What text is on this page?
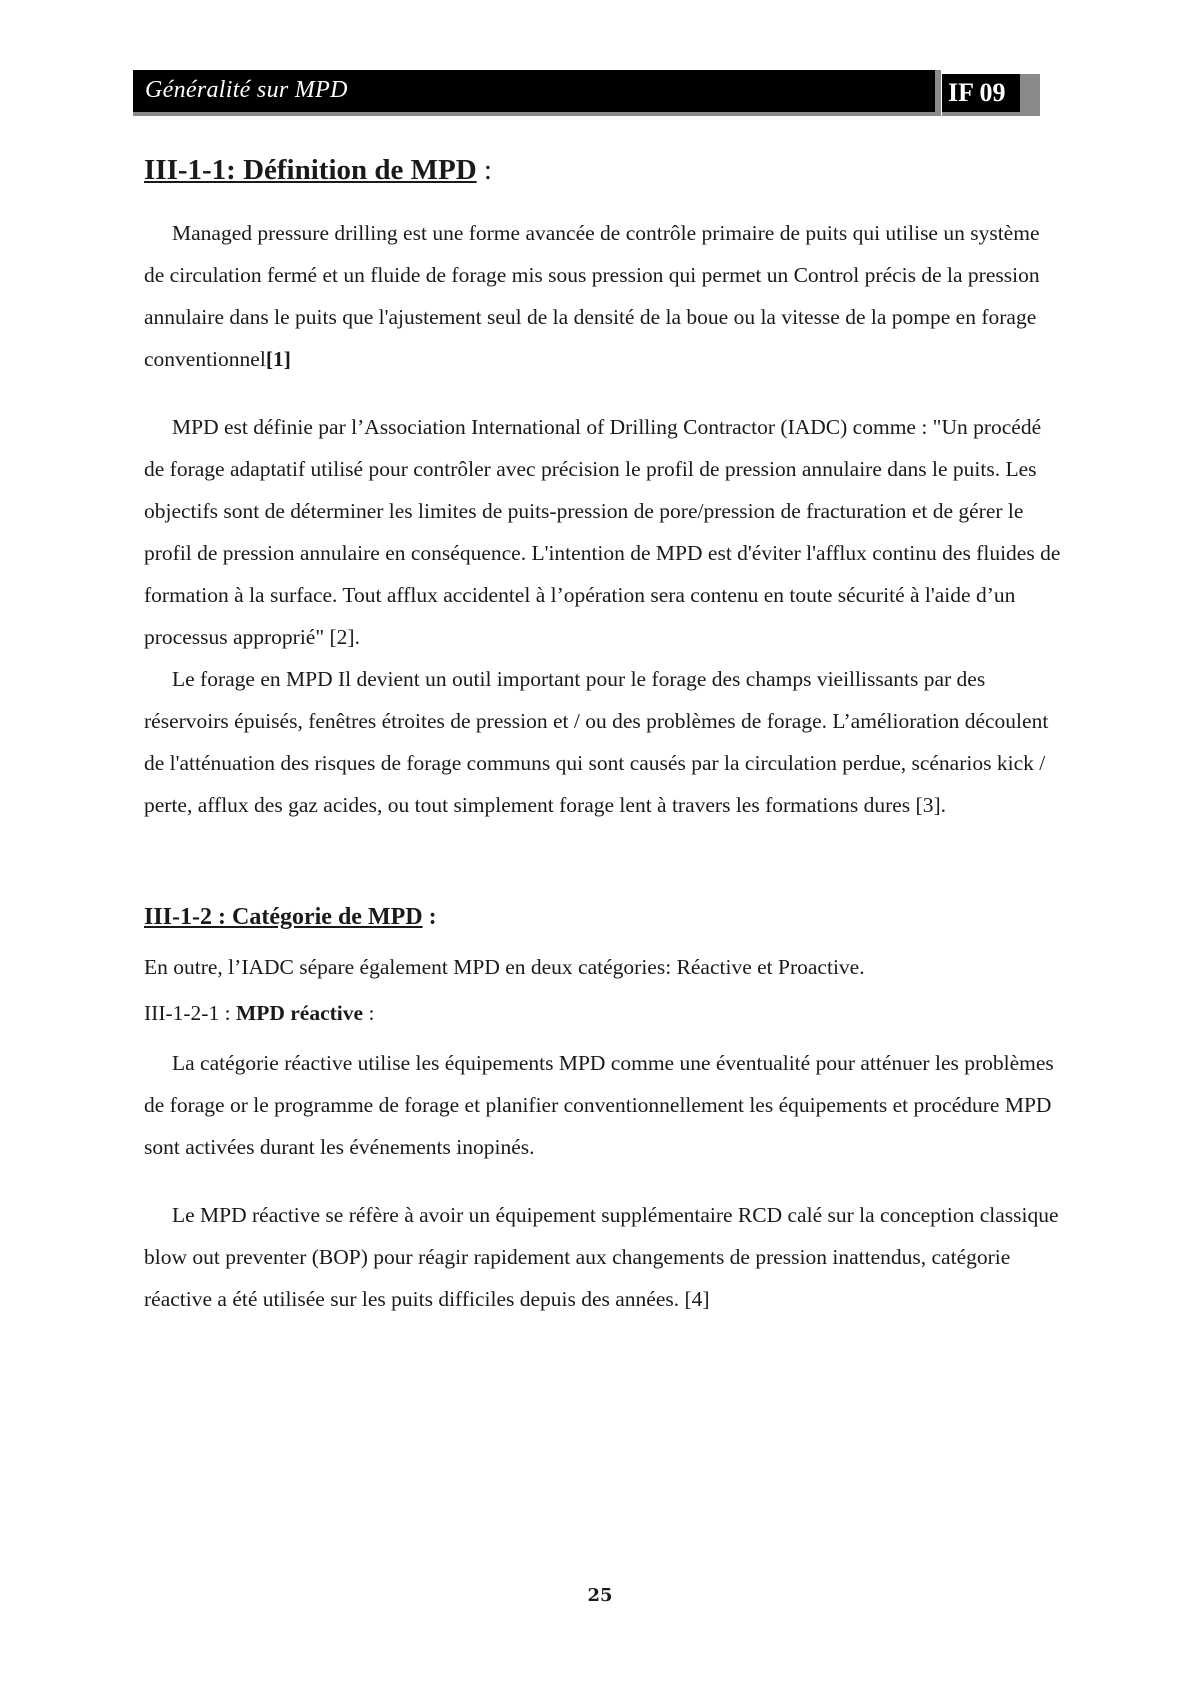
Généralité sur MPD	IF 09
III-1-1: Définition de MPD :

Managed pressure drilling est une forme avancée de contrôle primaire de puits qui utilise un système de circulation fermé et un fluide de forage mis sous pression qui permet un Control précis de la pression annulaire dans le puits que l'ajustement seul de la densité de la boue ou la vitesse de la pompe en forage conventionnel[1]

MPD est définie par l’Association International of Drilling Contractor (IADC) comme : "Un procédé de forage adaptatif utilisé pour contrôler avec précision le profil de pression annulaire dans le puits. Les objectifs sont de déterminer les limites de puits-pression de pore/pression de fracturation et de gérer le profil de pression annulaire en conséquence. L'intention de MPD est d'éviter l'afflux continu des fluides de formation à la surface. Tout afflux accidentel à l’opération sera contenu en toute sécurité à l'aide d’un processus approprié" [2].

Le forage en MPD Il devient un outil important pour le forage des champs vieillissants par des réservoirs épuisés, fenêtres étroites de pression et / ou des problèmes de forage. L’amélioration découlent de l'atténuation des risques de forage communs qui sont causés par la circulation perdue, scénarios kick / perte, afflux des gaz acides, ou tout simplement forage lent à travers les formations dures [3].

III-1-2 : Catégorie de MPD :

En outre, l’IADC sépare également MPD en deux catégories: Réactive et Proactive.

III-1-2-1 : MPD réactive :

La catégorie réactive utilise les équipements MPD comme une éventualité pour atténuer les problèmes de forage or le programme de forage et planifier conventionnellement les équipements et procédure MPD sont activées durant les événements inopinés.

Le MPD réactive se réfère à avoir un équipement supplémentaire RCD calé sur la conception classique blow out preventer (BOP) pour réagir rapidement aux changements de pression inattendus, catégorie réactive a été utilisée sur les puits difficiles depuis des années. [4]

25
